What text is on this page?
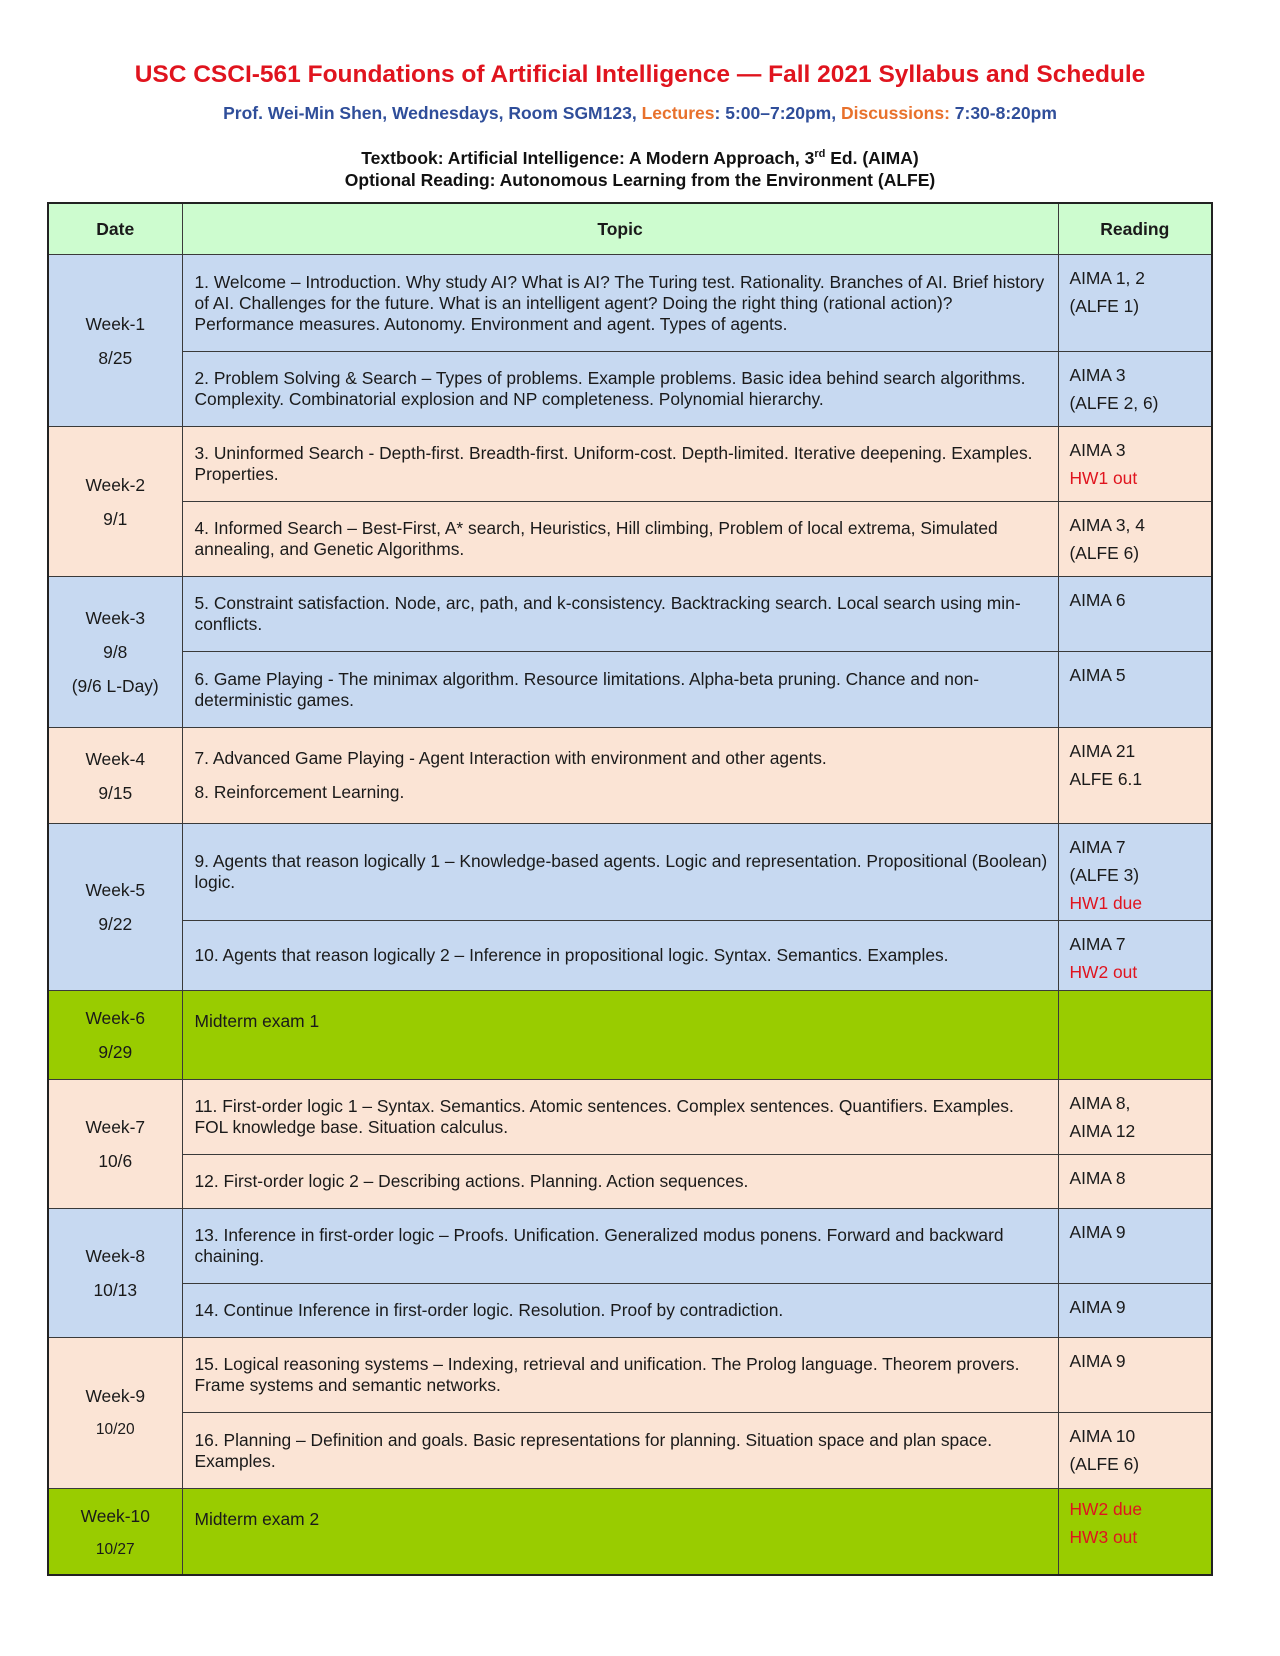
USC CSCI-561 Foundations of Artificial Intelligence — Fall 2021 Syllabus and Schedule
Prof. Wei-Min Shen, Wednesdays, Room SGM123, Lectures: 5:00–7:20pm, Discussions: 7:30-8:20pm
Textbook: Artificial Intelligence: A Modern Approach, 3rd Ed. (AIMA)
Optional Reading: Autonomous Learning from the Environment (ALFE)
Date	Topic	Reading

Week-1
8/25	1. Welcome – Introduction. Why study AI? What is AI? The Turing test. Rationality. Branches of AI. Brief history of AI. Challenges for the future. What is an intelligent agent? Doing the right thing (rational action)? Performance measures. Autonomy. Environment and agent. Types of agents.	AIMA 1, 2
(ALFE 1)

	2. Problem Solving & Search – Types of problems. Example problems. Basic idea behind search algorithms. Complexity. Combinatorial explosion and NP completeness. Polynomial hierarchy.	AIMA 3
(ALFE 2, 6)

Week-2
9/1	3. Uninformed Search - Depth-first. Breadth-first. Uniform-cost. Depth-limited. Iterative deepening. Examples. Properties.	AIMA 3
HW1 out

	4. Informed Search – Best-First, A* search, Heuristics, Hill climbing, Problem of local extrema, Simulated annealing, and Genetic Algorithms.	AIMA 3, 4
(ALFE 6)

Week-3
9/8
(9/6 L-Day)	5. Constraint satisfaction. Node, arc, path, and k-consistency. Backtracking search. Local search using min-conflicts.	AIMA 6

	6. Game Playing - The minimax algorithm. Resource limitations. Alpha-beta pruning. Chance and non-deterministic games.	AIMA 5

Week-4
9/15	7. Advanced Game Playing - Agent Interaction with environment and other agents.
8. Reinforcement Learning.	AIMA 21
ALFE 6.1

Week-5
9/22	9. Agents that reason logically 1 – Knowledge-based agents. Logic and representation. Propositional (Boolean) logic.	AIMA 7
(ALFE 3)
HW1 due

	10. Agents that reason logically 2 – Inference in propositional logic. Syntax. Semantics. Examples.	AIMA 7
HW2 out

Week-6
9/29	Midterm exam 1	

Week-7
10/6	11. First-order logic 1 – Syntax. Semantics. Atomic sentences. Complex sentences. Quantifiers. Examples. FOL knowledge base. Situation calculus.	AIMA 8,
AIMA 12

	12. First-order logic 2 – Describing actions. Planning. Action sequences.	AIMA 8

Week-8
10/13	13. Inference in first-order logic – Proofs. Unification. Generalized modus ponens. Forward and backward chaining.	AIMA 9

	14. Continue Inference in first-order logic. Resolution. Proof by contradiction.	AIMA 9

Week-9
10/20	15. Logical reasoning systems – Indexing, retrieval and unification. The Prolog language. Theorem provers. Frame systems and semantic networks.	AIMA 9

	16. Planning – Definition and goals. Basic representations for planning. Situation space and plan space. Examples.	AIMA 10
(ALFE 6)

Week-10
10/27	Midterm exam 2	HW2 due
HW3 out
